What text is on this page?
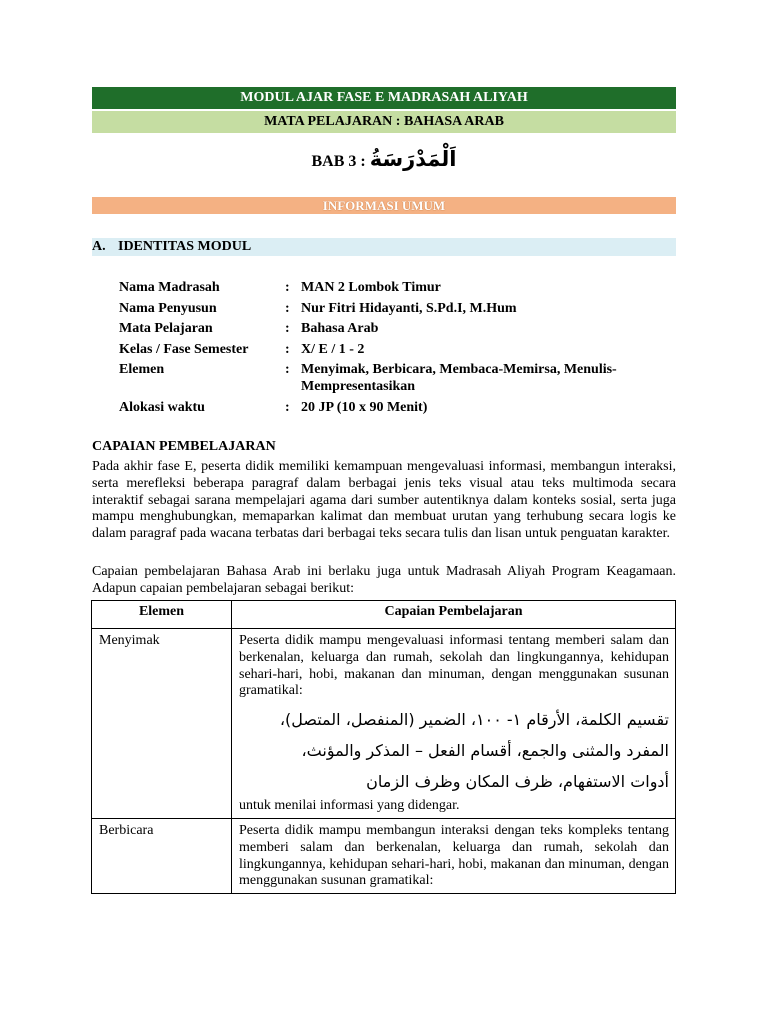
MODUL AJAR FASE E MADRASAH ALIYAH
MATA PELAJARAN : BAHASA ARAB
BAB 3 : اَلْمَدْرَسَةُ
INFORMASI UMUM
A. IDENTITAS MODUL
Nama Madrasah	: MAN 2 Lombok Timur
Nama Penyusun	: Nur Fitri Hidayanti, S.Pd.I, M.Hum
Mata Pelajaran	: Bahasa Arab
Kelas / Fase Semester	: X/ E / 1 - 2
Elemen	: Menyimak, Berbicara, Membaca-Memirsa, Menulis-Mempresentasikan
Alokasi waktu	: 20 JP (10 x 90 Menit)
CAPAIAN PEMBELAJARAN

Pada akhir fase E, peserta didik memiliki kemampuan mengevaluasi informasi, membangun interaksi, serta merefleksi beberapa paragraf dalam berbagai jenis teks visual atau teks multimoda secara interaktif sebagai sarana mempelajari agama dari sumber autentiknya dalam konteks sosial, serta juga mampu menghubungkan, memaparkan kalimat dan membuat urutan yang terhubung secara logis ke dalam paragraf pada wacana terbatas dari berbagai teks secara tulis dan lisan untuk penguatan karakter.

Capaian pembelajaran Bahasa Arab ini berlaku juga untuk Madrasah Aliyah Program Keagamaan. Adapun capaian pembelajaran sebagai berikut:

Elemen	Capaian Pembelajaran
Menyimak	Peserta didik mampu mengevaluasi informasi tentang memberi salam dan berkenalan, keluarga dan rumah, sekolah dan lingkungannya, kehidupan sehari-hari, hobi, makanan dan minuman, dengan menggunakan susunan gramatikal:
تقسيم الكلمة، الأرقام ١- ١٠٠، الضمير (المنفصل، المتصل)،
المفرد والمثنى والجمع، أقسام الفعل – المذكر والمؤنث،
أدوات الاستفهام، ظرف المكان وظرف الزمان
untuk menilai informasi yang didengar.

Berbicara	Peserta didik mampu membangun interaksi dengan teks kompleks tentang memberi salam dan berkenalan, keluarga dan rumah, sekolah dan lingkungannya, kehidupan sehari-hari, hobi, makanan dan minuman, dengan menggunakan susunan gramatikal:
